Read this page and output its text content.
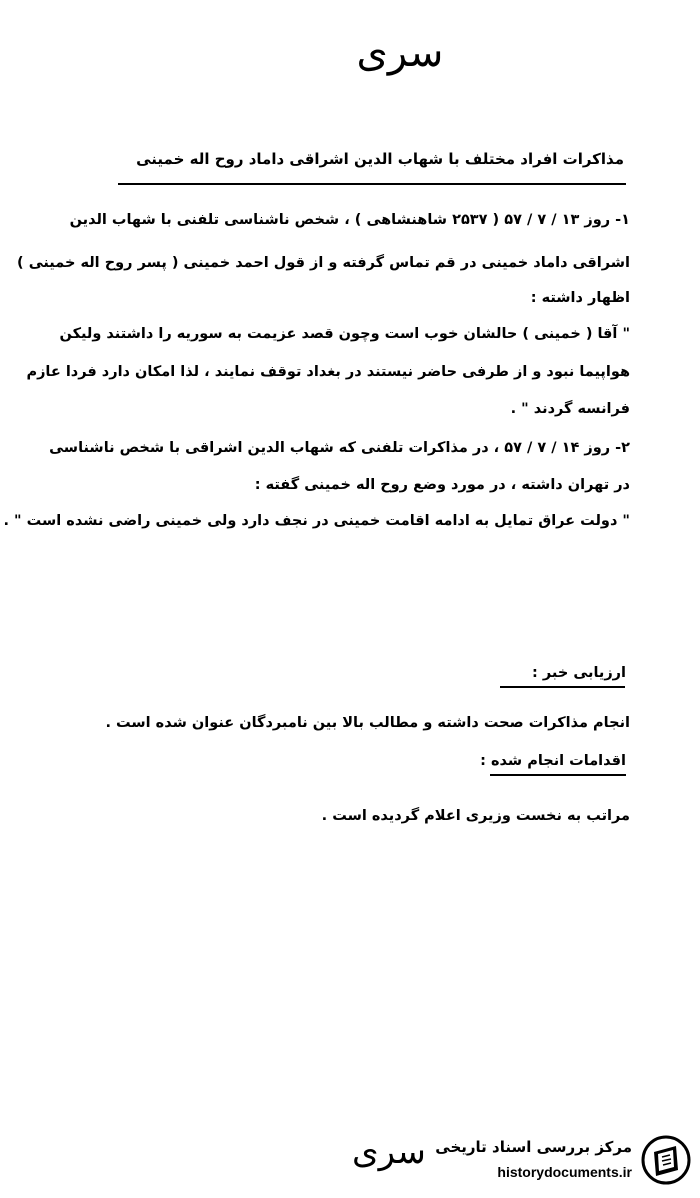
سری
مذاکرات افراد مختلف با شهاب الدین اشراقی داماد روح اله خمینی
۱- روز ۱۳ / ۷ / ۵۷ ( ۲۵۳۷ شاهنشاهی ) ، شخص ناشناسی تلفنی با شهاب الدین
اشراقی داماد خمینی در قم تماس گرفته و از قول احمد خمینی ( پسر روح اله خمینی )
اظهار داشته :
" آقا ( خمینی ) حالشان خوب است وچون قصد عزیمت به سوریه را داشتند ولیکن
هواپیما نبود و از طرفی حاضر نیستند در بغداد توقف نمایند ، لذا امکان دارد فردا عازم
فرانسه گردند " .
۲- روز ۱۴ / ۷ / ۵۷ ، در مذاکرات تلفنی که شهاب الدین اشراقی با شخص ناشناسی
در تهران داشته ، در مورد وضع روح اله خمینی گفته :
" دولت عراق تمایل به ادامه اقامت خمینی در نجف دارد ولی خمینی راضی نشده است " .
ارزیابی خبر :
انجام مذاکرات صحت داشته و مطالب بالا بین نامبردگان عنوان شده است .
اقدامات انجام شده :
مراتب به نخست وزیری اعلام گردیده است .
سری مرکز بررسی اسناد تاریخی
historydocuments.ir
